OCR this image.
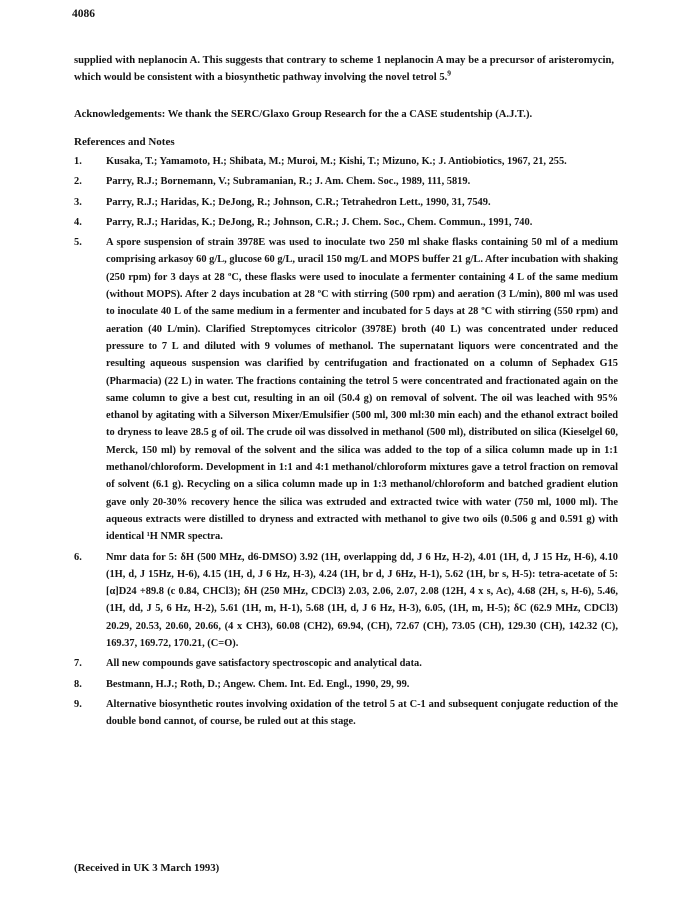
4086
supplied with neplanocin A. This suggests that contrary to scheme 1 neplanocin A may be a precursor of aristeromycin, which would be consistent with a biosynthetic pathway involving the novel tetrol 5.$^9$
Acknowledgements: We thank the SERC/Glaxo Group Research for the a CASE studentship (A.J.T.).
References and Notes
1. Kusaka, T.; Yamamoto, H.; Shibata, M.; Muroi, M.; Kishi, T.; Mizuno, K.; J. Antiobiotics, 1967, 21, 255.
2. Parry, R.J.; Bornemann, V.; Subramanian, R.; J. Am. Chem. Soc., 1989, 111, 5819.
3. Parry, R.J.; Haridas, K.; DeJong, R.; Johnson, C.R.; Tetrahedron Lett., 1990, 31, 7549.
4. Parry, R.J.; Haridas, K.; DeJong, R.; Johnson, C.R.; J. Chem. Soc., Chem. Commun., 1991, 740.
5. A spore suspension of strain 3978E was used to inoculate two 250 ml shake flasks containing 50 ml of a medium comprising arkasoy 60 g/L, glucose 60 g/L, uracil 150 mg/L and MOPS buffer 21 g/L. After incubation with shaking (250 rpm) for 3 days at 28 ºC, these flasks were used to inoculate a fermenter containing 4 L of the same medium (without MOPS). After 2 days incubation at 28 ºC with stirring (500 rpm) and aeration (3 L/min), 800 ml was used to inoculate 40 L of the same medium in a fermenter and incubated for 5 days at 28 ºC with stirring (550 rpm) and aeration (40 L/min). Clarified Streptomyces citricolor (3978E) broth (40 L) was concentrated under reduced pressure to 7 L and diluted with 9 volumes of methanol. The supernatant liquors were concentrated and the resulting aqueous suspension was clarified by centrifugation and fractionated on a column of Sephadex G15 (Pharmacia) (22 L) in water. The fractions containing the tetrol 5 were concentrated and fractionated again on the same column to give a best cut, resulting in an oil (50.4 g) on removal of solvent. The oil was leached with 95% ethanol by agitating with a Silverson Mixer/Emulsifier (500 ml, 300 ml:30 min each) and the ethanol extract boiled to dryness to leave 28.5 g of oil. The crude oil was dissolved in methanol (500 ml), distributed on silica (Kieselgel 60, Merck, 150 ml) by removal of the solvent and the silica was added to the top of a silica column made up in 1:1 methanol/chloroform. Development in 1:1 and 4:1 methanol/chloroform mixtures gave a tetrol fraction on removal of solvent (6.1 g). Recycling on a silica column made up in 1:3 methanol/chloroform and batched gradient elution gave only 20-30% recovery hence the silica was extruded and extracted twice with water (750 ml, 1000 ml). The aqueous extracts were distilled to dryness and extracted with methanol to give two oils (0.506 g and 0.591 g) with identical ¹H NMR spectra.
6. Nmr data for 5: δH (500 MHz, d6-DMSO) 3.92 (1H, overlapping dd, J 6 Hz, H-2), 4.01 (1H, d, J 15 Hz, H-6), 4.10 (1H, d, J 15Hz, H-6), 4.15 (1H, d, J 6 Hz, H-3), 4.24 (1H, br d, J 6Hz, H-1), 5.62 (1H, br s, H-5): tetra-acetate of 5: [α]D24 +89.8 (c 0.84, CHCl3); δH (250 MHz, CDCl3) 2.03, 2.06, 2.07, 2.08 (12H, 4 x s, Ac), 4.68 (2H, s, H-6), 5.46, (1H, dd, J 5, 6 Hz, H-2), 5.61 (1H, m, H-1), 5.68 (1H, d, J 6 Hz, H-3), 6.05, (1H, m, H-5); δC (62.9 MHz, CDCl3) 20.29, 20.53, 20.60, 20.66, (4 x CH3), 60.08 (CH2), 69.94, (CH), 72.67 (CH), 73.05 (CH), 129.30 (CH), 142.32 (C), 169.37, 169.72, 170.21, (C=O).
7. All new compounds gave satisfactory spectroscopic and analytical data.
8. Bestmann, H.J.; Roth, D.; Angew. Chem. Int. Ed. Engl., 1990, 29, 99.
9. Alternative biosynthetic routes involving oxidation of the tetrol 5 at C-1 and subsequent conjugate reduction of the double bond cannot, of course, be ruled out at this stage.
(Received in UK 3 March 1993)
